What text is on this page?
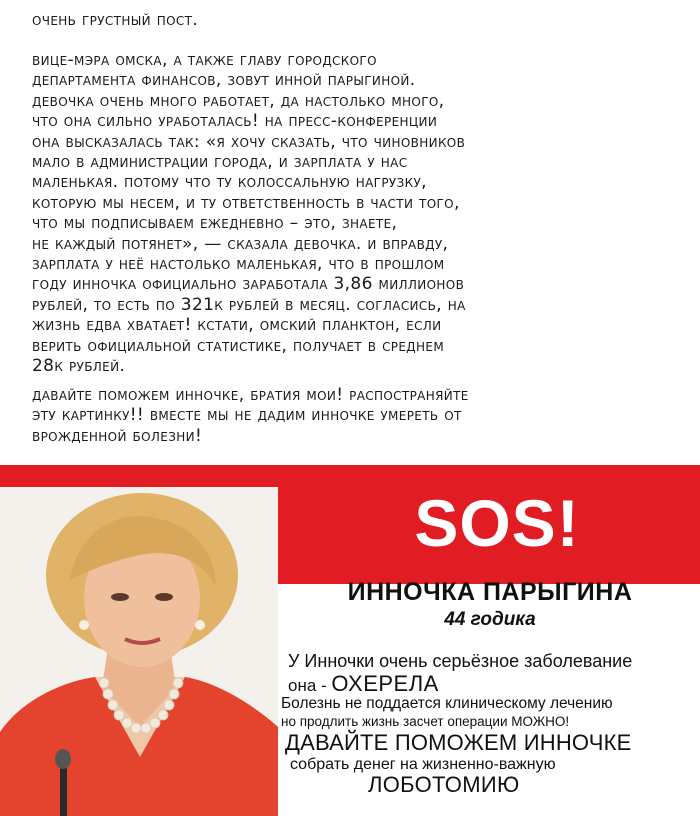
очень грустный пост.

вице-мэра омска, а также главу городского
департамента финансов, зовут инной парыгиной.
девочка очень много работает, да настолько много,
что она сильно уработалась! на пресс-конференции
она высказалась так: «я хочу сказать, что чиновников
мало в администрации города, и зарплата у нас
маленькая. потому что ту колоссальную нагрузку,
которую мы несем, и ту ответственность в части того,
что мы подписываем ежедневно – это, знаете,
не каждый потянет», — сказала девочка. и вправду,
зарплата у неё настолько маленькая, что в прошлом
году инночка официально заработала 3,86 миллионов
рублей, то есть по 321к рублей в месяц. согласись, на
жизнь едва хватает! кстати, омский планктон, если
верить официальной статистике, получает в среднем
28к рублей.

давайте поможем инночке, братия мои! распостраняйте
эту картинку!! вместе мы не дадим инночке умереть от
врожденной болезни!

SOS!
ИННОЧКА ПАРЫГИНА
44 годика
У Инночки очень серьёзное заболевание
она - ОХЕРЕЛА
Болезнь не поддается клиническому лечению
но продлить жизнь засчет операции МОЖНО!
ДАВАЙТЕ ПОМОЖЕМ ИННОЧКЕ
собрать денег на жизненно-важную
ЛОБОТОМИЮ
